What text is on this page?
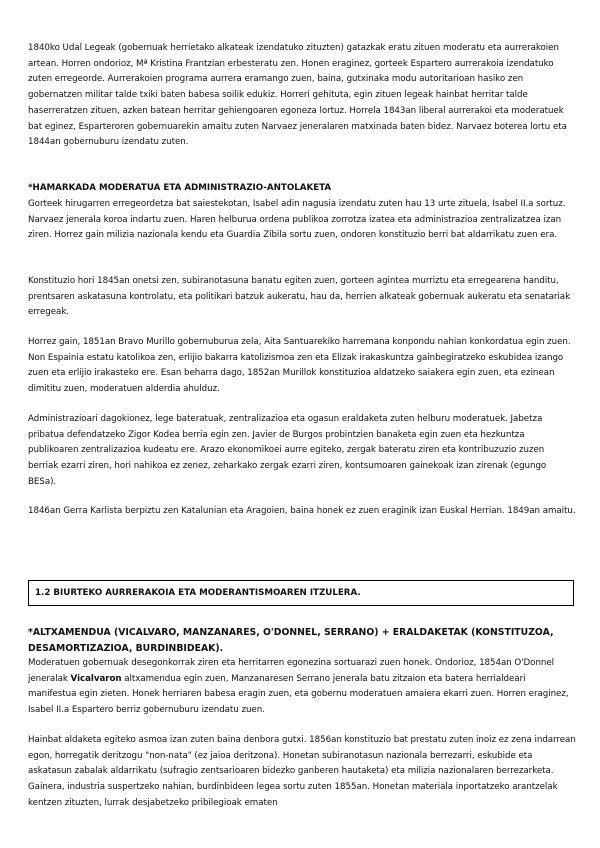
1840ko Udal Legeak (gobernuak herrietako alkateak izendatuko zituzten) gatazkak eratu zituen moderatu eta aurrerakoien artean. Horren ondorioz, Mª Kristina Frantzian erbesteratu zen. Honen eraginez, gorteek Espartero aurrerakoia izendatuko zuten erregeorde. Aurrerakoien programa aurrera eramango zuen, baina, gutxinaka modu autoritarioan hasiko zen gobernatzen militar talde txiki baten babesa soilik edukiz. Horreri gehituta, egin zituen legeak hainbat herritar talde haserreratzen zituen, azken batean herritar gehiengoaren egoneza lortuz. Horrela 1843an liberal aurrerakoi eta moderatuek bat eginez, Esparteroren gobernuarekin amaitu zuten Narvaez jeneralaren matxinada baten bidez. Narvaez boterea lortu eta 1844an gobernuburu izendatu zuten.

*HAMARKADA MODERATUA ETA ADMINISTRAZIO-ANTOLAKETA

Gorteek hirugarren erregeordetza bat saiestekotan, Isabel adin nagusia izendatu zuten hau 13 urte zituela, Isabel II.a sortuz. Narvaez jenerala koroa indartu zuen. Haren helburua ordena publikoa zorrotza izatea eta administrazioa zentralizatzea izan ziren. Horrez gain milizia nazionala kendu eta Guardia Zibila sortu zuen, ondoren konstituzio berri bat aldarrikatu zuen era.

Konstituzio hori 1845an onetsi zen, subiranotasuna banatu egiten zuen, gorteen agintea murriztu eta erregearena handitu, prentsaren askatasuna kontrolatu, eta politikari batzuk aukeratu, hau da, herrien alkateak gobernuak aukeratu eta senatariak erregeak.

Horrez gain, 1851an Bravo Murillo gobernuburua zela, Aita Santuarekiko harremana konpondu nahian konkordatua egin zuen. Non Espainia estatu katolikoa zen, erlijio bakarra katolizismoa zen eta Elizak irakaskuntza gainbegiratzeko eskubidea izango zuen eta erlijio irakasteko ere. Esan beharra dago, 1852an Murillok konstituzioa aldatzeko saiakera egin zuen, eta ezinean dimititu zuen, moderatuen alderdia ahulduz.

Administrazioari dagokionez, lege bateratuak, zentralizazioa eta ogasun eraldaketa zuten helburu moderatuek. Jabetza pribatua defendatzeko Zigor Kodea berria egin zen. Javier de Burgos probintzien banaketa egin zuen eta hezkuntza publikoaren zentralizazioa kudeatu ere. Arazo ekonomikoei aurre egiteko, zergak bateratu ziren eta kontribuzuzio zuzen berriak ezarri ziren, hori nahikoa ez zenez, zeharkako zergak ezarri ziren, kontsumoaren gainekoak izan zirenak (egungo BESa).

1846an Gerra Karlista berpiztu zen Katalunian eta Aragoien, baina honek ez zuen eraginik izan Euskal Herrian. 1849an amaitu.

1.2 BIURTEKO AURRERAKOIA ETA MODERANTISMOAREN ITZULERA.

*ALTXAMENDUA (VICALVARO, MANZANARES, O'DONNEL, SERRANO) + ERALDAKETAK (KONSTITUZOA, DESAMORTIZAZIOA, BURDINBIDEAK).

Moderatuen gobernuak desegonkorrak ziren eta herritarren egonezina sortuarazi zuen honek. Ondorioz, 1854an O'Donnel jeneralak Vicalvaron altxamendua egin zuen, Manzanaresen Serrano jenerala batu zitzaion eta batera herrialdeari manifestua egin zieten. Honek herriaren babesa eragin zuen, eta gobernu moderatuen amaiera ekarri zuen. Horren eraginez, Isabel II.a Espartero berriz gobernuburu izendatu zuen.

Hainbat aldaketa egiteko asmoa izan zuten baina denbora gutxi. 1856an konstituzio bat prestatu zuten inoiz ez zena indarrean egon, horregatik deritzogu "non-nata" (ez jaioa deritzona). Honetan subiranotasun nazionala berrezarri, eskubide eta askatasun zabalak aldarrikatu (sufragio zentsarioaren bidezko ganberen hautaketa) eta milizia nazionalaren berrezarketa. Gainera, industria suspertzeko nahian, burdinbideen legea sortu zuten 1855an. Honetan materiala inportatzeko arantzelak kentzen zituzten, lurrak desjabetzeko pribilegioak ematen
